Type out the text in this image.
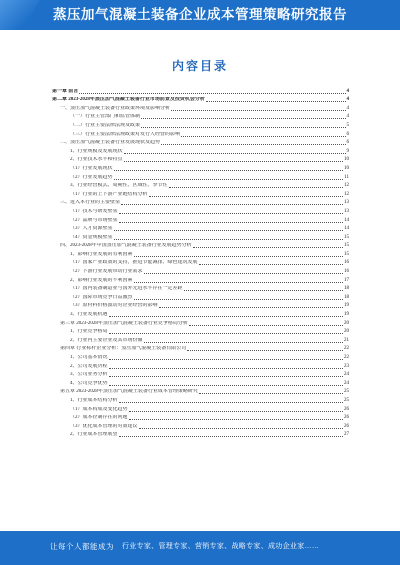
蒸压加气混凝土装备企业成本管理策略研究报告
内容目录
第一章 前言	4
第二章 2023-2028年蒸压加气混凝土装备行业市场前景及投资机会分析	4
一、蒸压加气混凝土装备行业政策环境及影响分析	4
（一）行业主管部门和监管体制	4
（二）行业主要法律法规及政策	5
（三）行业主要法律法规政策对发行人经营的影响	6
二、蒸压加气混凝土装备行业发展现状及趋势	6
1、行业规模及发展现状	9
2、行业技术水平和特点	10
（1）行业发展现状	10
（2）行业发展趋势	11
3、行业经营模式、周期性、区域性、季节性	12
（1）行业的上下游产业链结构分析	12
三、进入本行业的主要壁垒	13
（1）技术与研发壁垒	13
（2）品牌与市场壁垒	14
（3）人才资源壁垒	14
（4）资金规模壁垒	15
四、2023-2028年中国蒸压加气混凝土装备行业发展趋势分析	15
1、影响行业发展的有利因素	15
（1）国家产业政策的支持，推进节能减排、绿色建筑发展	16
（2）下游行业发展带动行业需求	16
2、影响行业发展的不利因素	17
（1）国内装备制造业与国外先进水平存在一定差距	18
（2）国际市场竞争日益激烈	18
（3）原材料价格波动对企业经营的影响	19
3、行业发展机遇	19
第三章 2023-2028年蒸压加气混凝土装备行业竞争格局分析	20
1、行业竞争格局	20
2、行业内主要企业及其市场份额	21
第四章 行业标杆企业分析：蒸压加气混凝土装备有限公司	22
1、公司基本情况	22
2、公司发展历程	23
3、公司业务分析	24
4、公司竞争优势	24
第五章 2023-2028年蒸压加气混凝土装备行业成本管理策略研究	25
1、行业成本结构分析	25
（1）成本构成及变化趋势	26
（2）成本控制存在的问题	26
（3）优化成本管理的对策建议	26
2、行业成本管理展望	27
让每个人都能成为 行业专家、管理专家、营销专家、战略专家、成功企业家……
